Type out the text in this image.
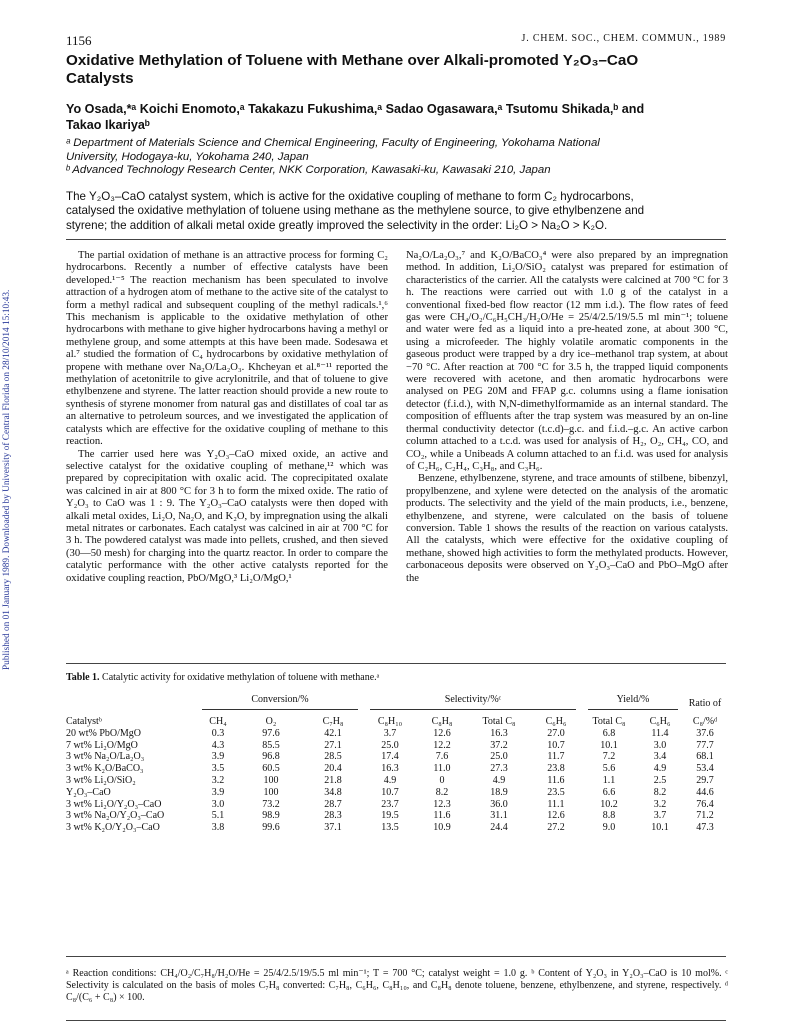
Published on 01 January 1989. Downloaded by University of Central Florida on 28/10/2014 15:10:43.
1156	J. CHEM. SOC., CHEM. COMMUN., 1989
Oxidative Methylation of Toluene with Methane over Alkali-promoted Y₂O₃–CaO
Catalysts
Yo Osada,*ᵃ Koichi Enomoto,ᵃ Takakazu Fukushima,ᵃ Sadao Ogasawara,ᵃ Tsutomu Shikada,ᵇ and
Takao Ikariyaᵇ
ᵃ Department of Materials Science and Chemical Engineering, Faculty of Engineering, Yokohama National
University, Hodogaya-ku, Yokohama 240, Japan
ᵇ Advanced Technology Research Center, NKK Corporation, Kawasaki-ku, Kawasaki 210, Japan
The Y₂O₃–CaO catalyst system, which is active for the oxidative coupling of methane to form C₂ hydrocarbons,
catalysed the oxidative methylation of toluene using methane as the methylene source, to give ethylbenzene and
styrene; the addition of alkali metal oxide greatly improved the selectivity in the order: Li₂O > Na₂O > K₂O.

The partial oxidation of methane is an attractive process for forming C₂ hydrocarbons. Recently a number of effective catalysts have been developed.¹⁻⁵ The reaction mechanism has been speculated to involve attraction of a hydrogen atom of methane to the active site of the catalyst to form a methyl radical and subsequent coupling of the methyl radicals.¹,⁶ This mechanism is applicable to the oxidative methylation of other hydrocarbons with methane to give higher hydrocarbons having a methyl or methylene group, and some attempts at this have been made. Sodesawa et al.⁷ studied the formation of C₄ hydrocarbons by oxidative methylation of propene with methane over Na₂O/La₂O₃. Khcheyan et al.⁸⁻¹¹ reported the methylation of acetonitrile to give acrylonitrile, and that of toluene to give ethylbenzene and styrene. The latter reaction should provide a new route to synthesis of styrene monomer from natural gas and distillates of coal tar as an alternative to petroleum sources, and we investigated the application of catalysts which are effective for the oxidative coupling of methane to this reaction.

The carrier used here was Y₂O₃–CaO mixed oxide, an active and selective catalyst for the oxidative coupling of methane,¹² which was prepared by coprecipitation with oxalic acid. The coprecipitated oxalate was calcined in air at 800 °C for 3 h to form the mixed oxide. The ratio of Y₂O₃ to CaO was 1 : 9. The Y₂O₃–CaO catalysts were then doped with alkali metal oxides, Li₂O, Na₂O, and K₂O, by impregnation using the alkali metal nitrates or carbonates. Each catalyst was calcined in air at 700 °C for 3 h. The powdered catalyst was made into pellets, crushed, and then sieved (30—50 mesh) for charging into the quartz reactor. In order to compare the catalytic performance with the other active catalysts reported for the oxidative coupling reaction, PbO/MgO,³ Li₂O/MgO,¹

Na₂O/La₂O₃,⁷ and K₂O/BaCO₃⁴ were also prepared by an impregnation method. In addition, Li₂O/SiO₂ catalyst was prepared for estimation of characteristics of the carrier. All the catalysts were calcined at 700 °C for 3 h. The reactions were carried out with 1.0 g of the catalyst in a conventional fixed-bed flow reactor (12 mm i.d.). The flow rates of feed gas were CH₄/O₂/C₆H₅CH₃/H₂O/He = 25/4/2.5/19/5.5 ml min⁻¹; toluene and water were fed as a liquid into a pre-heated zone, at about 300 °C, using a microfeeder. The highly volatile aromatic components in the gaseous product were trapped by a dry ice–methanol trap system, at about −70 °C. After reaction at 700 °C for 3.5 h, the trapped liquid components were recovered with acetone, and then aromatic hydrocarbons were analysed on PEG 20M and FFAP g.c. columns using a flame ionisation detector (f.i.d.), with N,N-dimethylformamide as an internal standard. The composition of effluents after the trap system was measured by an on-line thermal conductivity detector (t.c.d)–g.c. and f.i.d.–g.c. An active carbon column attached to a t.c.d. was used for analysis of H₂, O₂, CH₄, CO, and CO₂, while a Unibeads A column attached to an f.i.d. was used for analysis of C₂H₆, C₂H₄, C₃H₈, and C₃H₆.

Benzene, ethylbenzene, styrene, and trace amounts of stilbene, bibenzyl, propylbenzene, and xylene were detected on the analysis of the aromatic products. The selectivity and the yield of the main products, i.e., benzene, ethylbenzene, and styrene, were calculated on the basis of toluene conversion. Table 1 shows the results of the reaction on various catalysts. All the catalysts, which were effective for the oxidative coupling of methane, showed high activities to form the methylated products. However, carbonaceous deposits were observed on Y₂O₃–CaO and PbO–MgO after the

Table 1. Catalytic activity for oxidative methylation of toluene with methane.ᵃ

	Conversion/%			Selectivity/%ᶜ				Yield/%		Ratio of
Catalystᵇ	CH₄	O₂	C₇H₈	C₈H₁₀	C₈H₈	Total C₈	C₆H₆	Total C₈	C₆H₆	C₈/%ᵈ
20 wt% PbO/MgO	0.3	97.6	42.1	3.7	12.6	16.3	27.0	6.8	11.4	37.6
7 wt% Li₂O/MgO	4.3	85.5	27.1	25.0	12.2	37.2	10.7	10.1	3.0	77.7
3 wt% Na₂O/La₂O₃	3.9	96.8	28.5	17.4	7.6	25.0	11.7	7.2	3.4	68.1
3 wt% K₂O/BaCO₃	3.5	60.5	20.4	16.3	11.0	27.3	23.8	5.6	4.9	53.4
3 wt% Li₂O/SiO₂	3.2	100	21.8	4.9	0	4.9	11.6	1.1	2.5	29.7
Y₂O₃–CaO	3.9	100	34.8	10.7	8.2	18.9	23.5	6.6	8.2	44.6
3 wt% Li₂O/Y₂O₃–CaO	3.0	73.2	28.7	23.7	12.3	36.0	11.1	10.2	3.2	76.4
3 wt% Na₂O/Y₂O₃–CaO	5.1	98.9	28.3	19.5	11.6	31.1	12.6	8.8	3.7	71.2
3 wt% K₂O/Y₂O₃–CaO	3.8	99.6	37.1	13.5	10.9	24.4	27.2	9.0	10.1	47.3
ᵃ Reaction conditions: CH₄/O₂/C₇H₈/H₂O/He = 25/4/2.5/19/5.5 ml min⁻¹; T = 700 °C; catalyst weight = 1.0 g. ᵇ Content of Y₂O₃ in Y₂O₃–CaO is 10 mol%. ᶜ Selectivity is calculated on the basis of moles C₇H₈ converted: C₇H₈, C₆H₆, C₈H₁₀, and C₈H₈ denote toluene, benzene, ethylbenzene, and styrene, respectively. ᵈ C₈/(C₆ + C₈) × 100.
